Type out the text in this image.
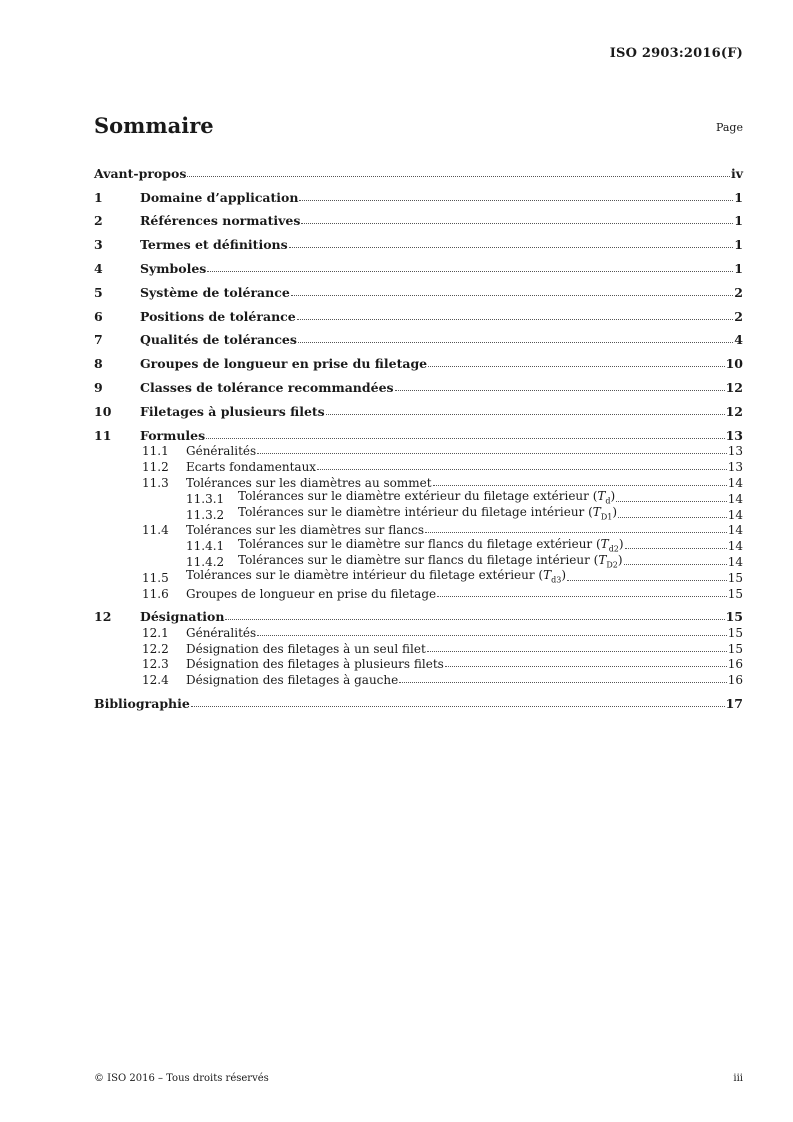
ISO 2903:2016(F)
Sommaire	Page
Avant-propos	iv
1	Domaine d’application	1
2	Références normatives	1
3	Termes et définitions	1
4	Symboles	1
5	Système de tolérance	2
6	Positions de tolérance	2
7	Qualités de tolérances	4
8	Groupes de longueur en prise du filetage	10
9	Classes de tolérance recommandées	12
10	Filetages à plusieurs filets	12
11	Formules	13
11.1	Généralités	13
11.2	Ecarts fondamentaux	13
11.3	Tolérances sur les diamètres au sommet	14
11.3.1	Tolérances sur le diamètre extérieur du filetage extérieur $(T_d)$	14
11.3.2	Tolérances sur le diamètre intérieur du filetage intérieur $(T_{D1})$	14
11.4	Tolérances sur les diamètres sur flancs	14
11.4.1	Tolérances sur le diamètre sur flancs du filetage extérieur $(T_{d2})$	14
11.4.2	Tolérances sur le diamètre sur flancs du filetage intérieur $(T_{D2})$	14
11.5	Tolérances sur le diamètre intérieur du filetage extérieur $(T_{d3})$	15
11.6	Groupes de longueur en prise du filetage	15
12	Désignation	15
12.1	Généralités	15
12.2	Désignation des filetages à un seul filet	15
12.3	Désignation des filetages à plusieurs filets	16
12.4	Désignation des filetages à gauche	16
Bibliographie	17
© ISO 2016 – Tous droits réservés	iii
